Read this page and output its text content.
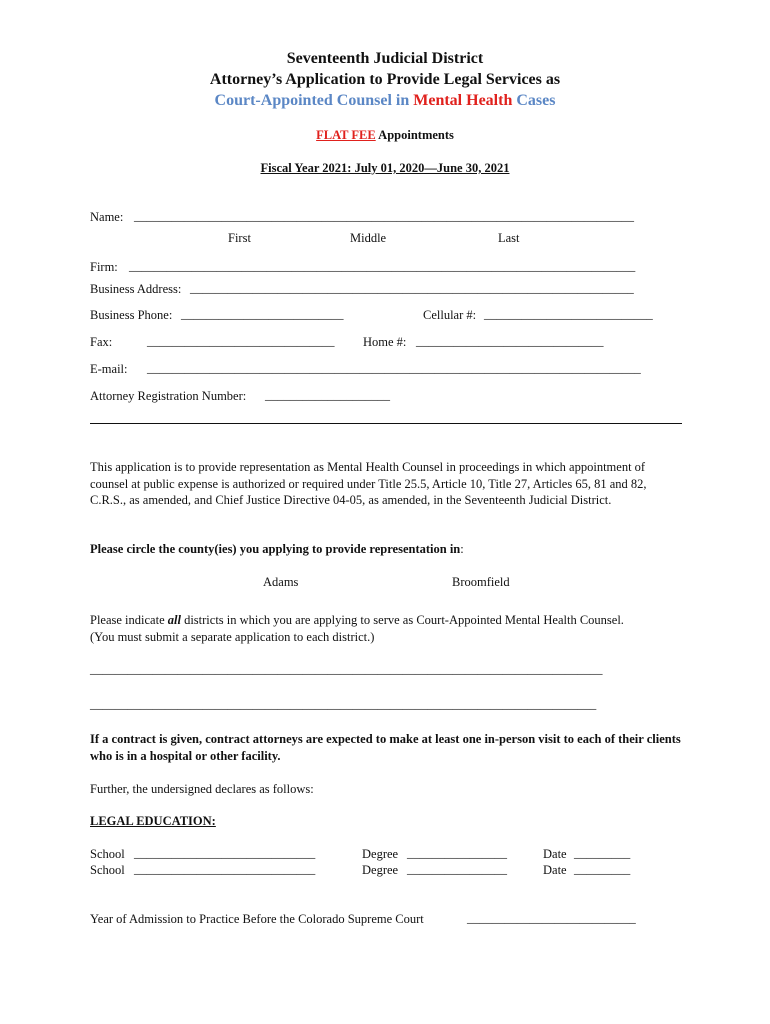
Seventeenth Judicial District
Attorney’s Application to Provide Legal Services as
Court-Appointed Counsel in Mental Health Cases
FLAT FEE Appointments
Fiscal Year 2021: July 01, 2020—June 30, 2021
Name: ________________________________________________________________________________
First	Middle	Last
Firm: _________________________________________________________________________________
Business Address: _______________________________________________________________________
Business Phone: __________________________	Cellular #: ___________________________
Fax:	______________________________ Home #: ______________________________
E-mail: _______________________________________________________________________________
Attorney Registration Number: ____________________
This application is to provide representation as Mental Health Counsel in proceedings in which appointment of counsel at public expense is authorized or required under Title 25.5, Article 10, Title 27, Articles 65, 81 and 82, C.R.S., as amended, and Chief Justice Directive 04-05, as amended, in the Seventeenth Judicial District.
Please circle the county(ies) you applying to provide representation in:
Adams	Broomfield
Please indicate all districts in which you are applying to serve as Court-Appointed Mental Health Counsel. (You must submit a separate application to each district.)
__________________________________________________________________________________
_________________________________________________________________________________
If a contract is given, contract attorneys are expected to make at least one in-person visit to each of their clients who is in a hospital or other facility.
Further, the undersigned declares as follows:
LEGAL EDUCATION:
School _____________________________	Degree ________________	Date _________
School _____________________________	Degree ________________	Date _________
Year of Admission to Practice Before the Colorado Supreme Court	___________________________
